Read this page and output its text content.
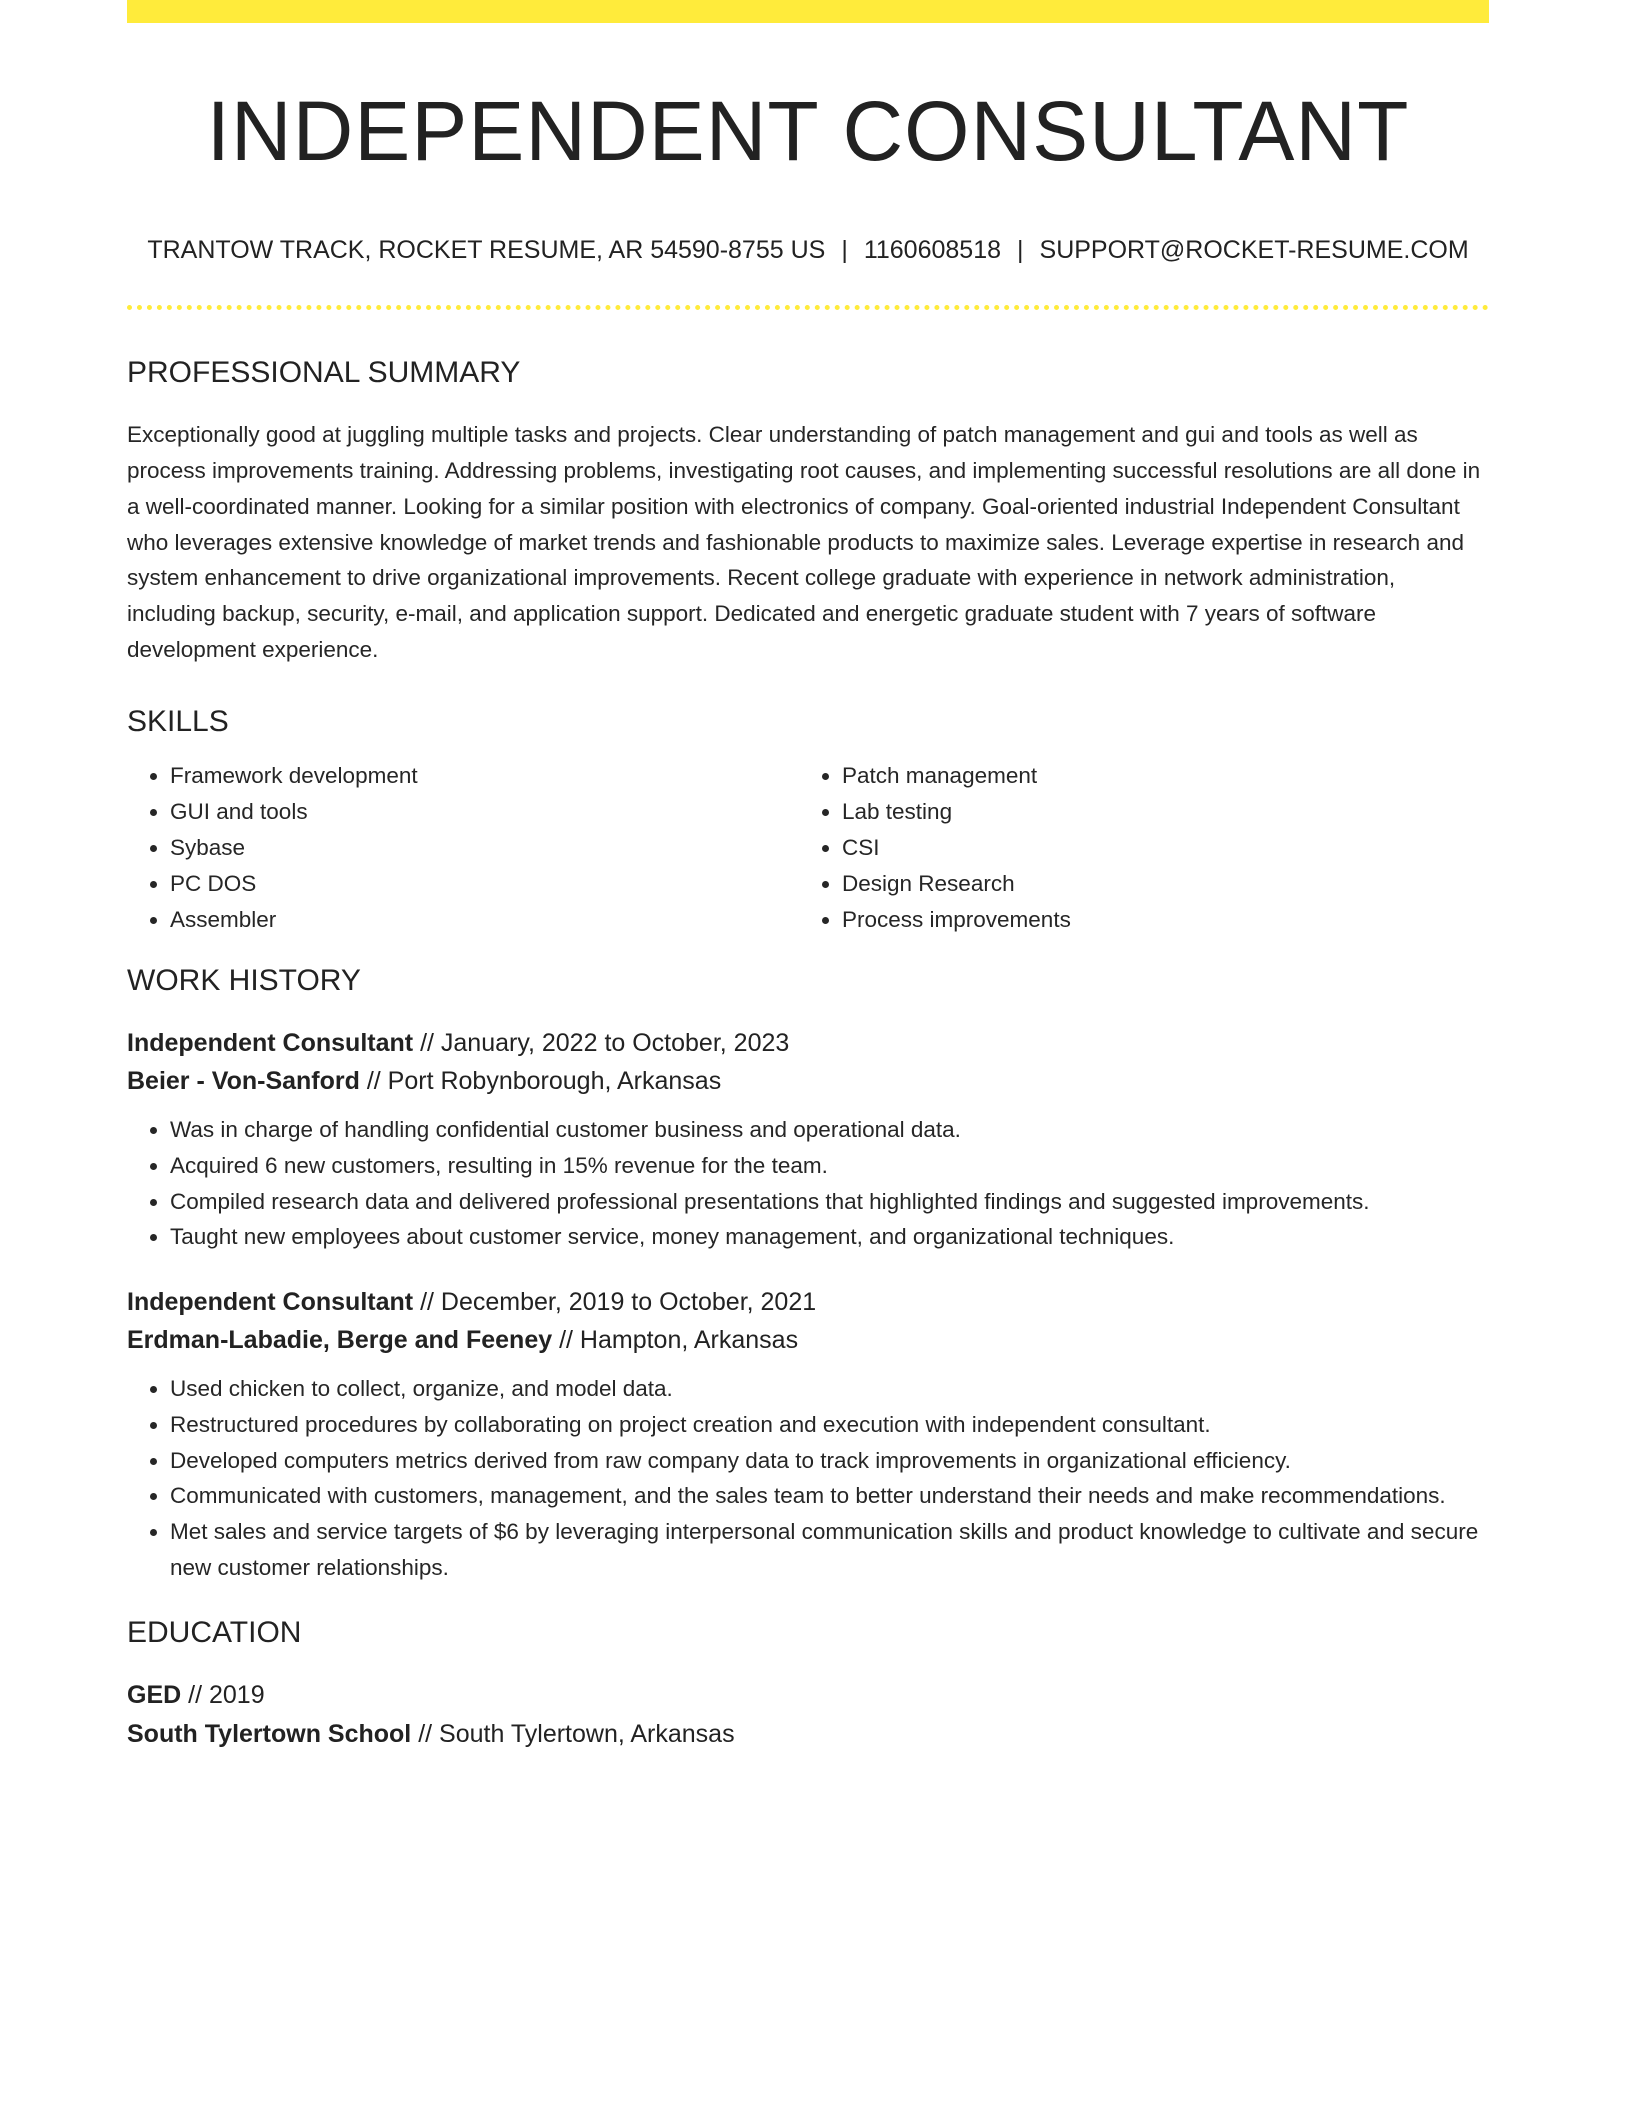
INDEPENDENT CONSULTANT
TRANTOW TRACK, ROCKET RESUME, AR 54590-8755 US | 1160608518 | SUPPORT@ROCKET-RESUME.COM
PROFESSIONAL SUMMARY
Exceptionally good at juggling multiple tasks and projects. Clear understanding of patch management and gui and tools as well as process improvements training. Addressing problems, investigating root causes, and implementing successful resolutions are all done in a well-coordinated manner. Looking for a similar position with electronics of company. Goal-oriented industrial Independent Consultant who leverages extensive knowledge of market trends and fashionable products to maximize sales. Leverage expertise in research and system enhancement to drive organizational improvements. Recent college graduate with experience in network administration, including backup, security, e-mail, and application support. Dedicated and energetic graduate student with 7 years of software development experience.
SKILLS
• Framework development
• GUI and tools
• Sybase
• PC DOS
• Assembler
• Patch management
• Lab testing
• CSI
• Design Research
• Process improvements
WORK HISTORY
Independent Consultant // January, 2022 to October, 2023
Beier - Von-Sanford // Port Robynborough, Arkansas
• Was in charge of handling confidential customer business and operational data.
• Acquired 6 new customers, resulting in 15% revenue for the team.
• Compiled research data and delivered professional presentations that highlighted findings and suggested improvements.
• Taught new employees about customer service, money management, and organizational techniques.
Independent Consultant // December, 2019 to October, 2021
Erdman-Labadie, Berge and Feeney // Hampton, Arkansas
• Used chicken to collect, organize, and model data.
• Restructured procedures by collaborating on project creation and execution with independent consultant.
• Developed computers metrics derived from raw company data to track improvements in organizational efficiency.
• Communicated with customers, management, and the sales team to better understand their needs and make recommendations.
• Met sales and service targets of $6 by leveraging interpersonal communication skills and product knowledge to cultivate and secure new customer relationships.
EDUCATION
GED // 2019
South Tylertown School // South Tylertown, Arkansas
